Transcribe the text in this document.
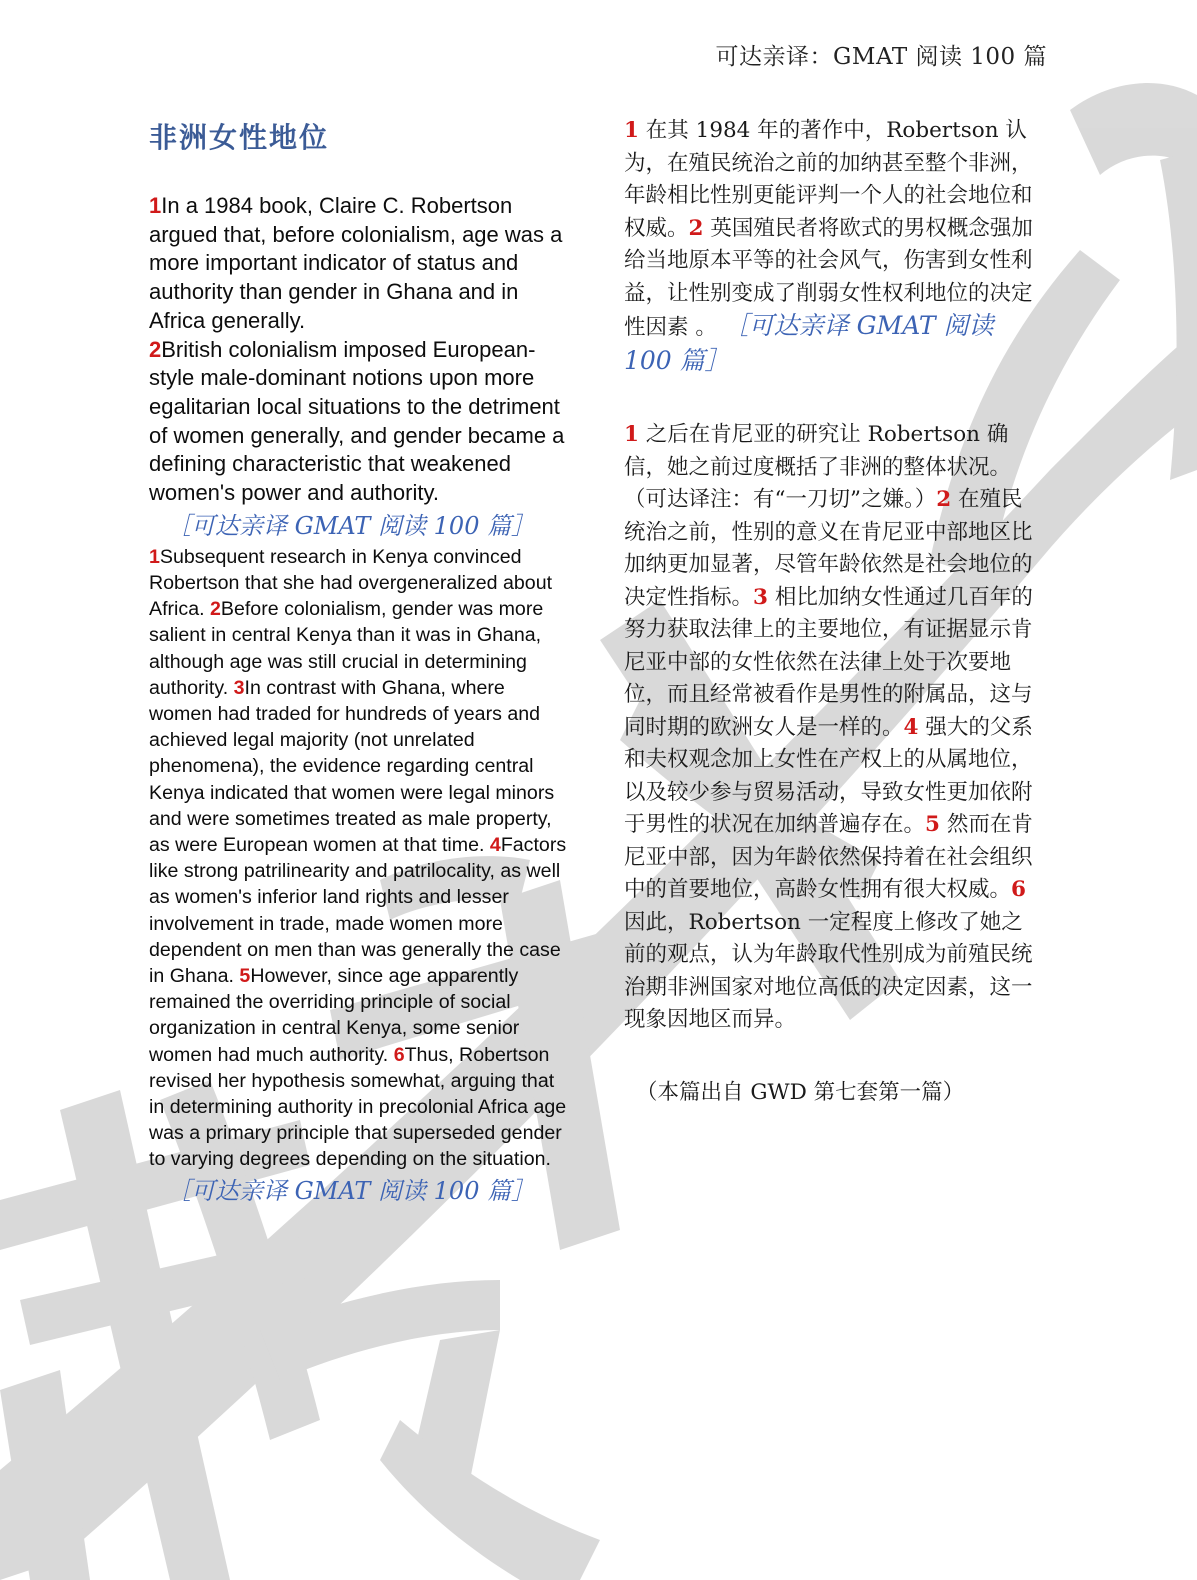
可达亲译：GMAT 阅读 100 篇
非洲女性地位
1In a 1984 book, Claire C. Robertson argued that, before colonialism, age was a more important indicator of status and authority than gender in Ghana and in Africa generally.
2British colonialism imposed European-style male-dominant notions upon more egalitarian local situations to the detriment of women generally, and gender became a defining characteristic that weakened women's power and authority.
［可达亲译 GMAT 阅读 100 篇］
1Subsequent research in Kenya convinced Robertson that she had overgeneralized about Africa. 2Before colonialism, gender was more salient in central Kenya than it was in Ghana, although age was still crucial in determining authority. 3In contrast with Ghana, where women had traded for hundreds of years and achieved legal majority (not unrelated phenomena), the evidence regarding central Kenya indicated that women were legal minors and were sometimes treated as male property, as were European women at that time. 4Factors like strong patrilinearity and patrilocality, as well as women's inferior land rights and lesser involvement in trade, made women more dependent on men than was generally the case in Ghana. 5However, since age apparently remained the overriding principle of social organization in central Kenya, some senior women had much authority. 6Thus, Robertson revised her hypothesis somewhat, arguing that in determining authority in precolonial Africa age was a primary principle that superseded gender to varying degrees depending on the situation.
［可达亲译 GMAT 阅读 100 篇］

1 在其 1984 年的著作中，Robertson 认为，在殖民统治之前的加纳甚至整个非洲，年龄相比性别更能评判一个人的社会地位和权威。2 英国殖民者将欧式的男权概念强加给当地原本平等的社会风气，伤害到女性利益，让性别变成了削弱女性权利地位的决定性因素 。 ［可达亲译 GMAT 阅读 100 篇］

1 之后在肯尼亚的研究让 Robertson 确信，她之前过度概括了非洲的整体状况。（可达译注：有“一刀切”之嫌。）2 在殖民统治之前，性别的意义在肯尼亚中部地区比加纳更加显著，尽管年龄依然是社会地位的决定性指标。3 相比加纳女性通过几百年的努力获取法律上的主要地位，有证据显示肯尼亚中部的女性依然在法律上处于次要地位，而且经常被看作是男性的附属品，这与同时期的欧洲女人是一样的。4 强大的父系和夫权观念加上女性在产权上的从属地位，以及较少参与贸易活动，导致女性更加依附于男性的状况在加纳普遍存在。5 然而在肯尼亚中部，因为年龄依然保持着在社会组织中的首要地位，高龄女性拥有很大权威。6 因此，Robertson 一定程度上修改了她之前的观点，认为年龄取代性别成为前殖民统治期非洲国家对地位高低的决定因素，这一现象因地区而异。

（本篇出自 GWD 第七套第一篇）
